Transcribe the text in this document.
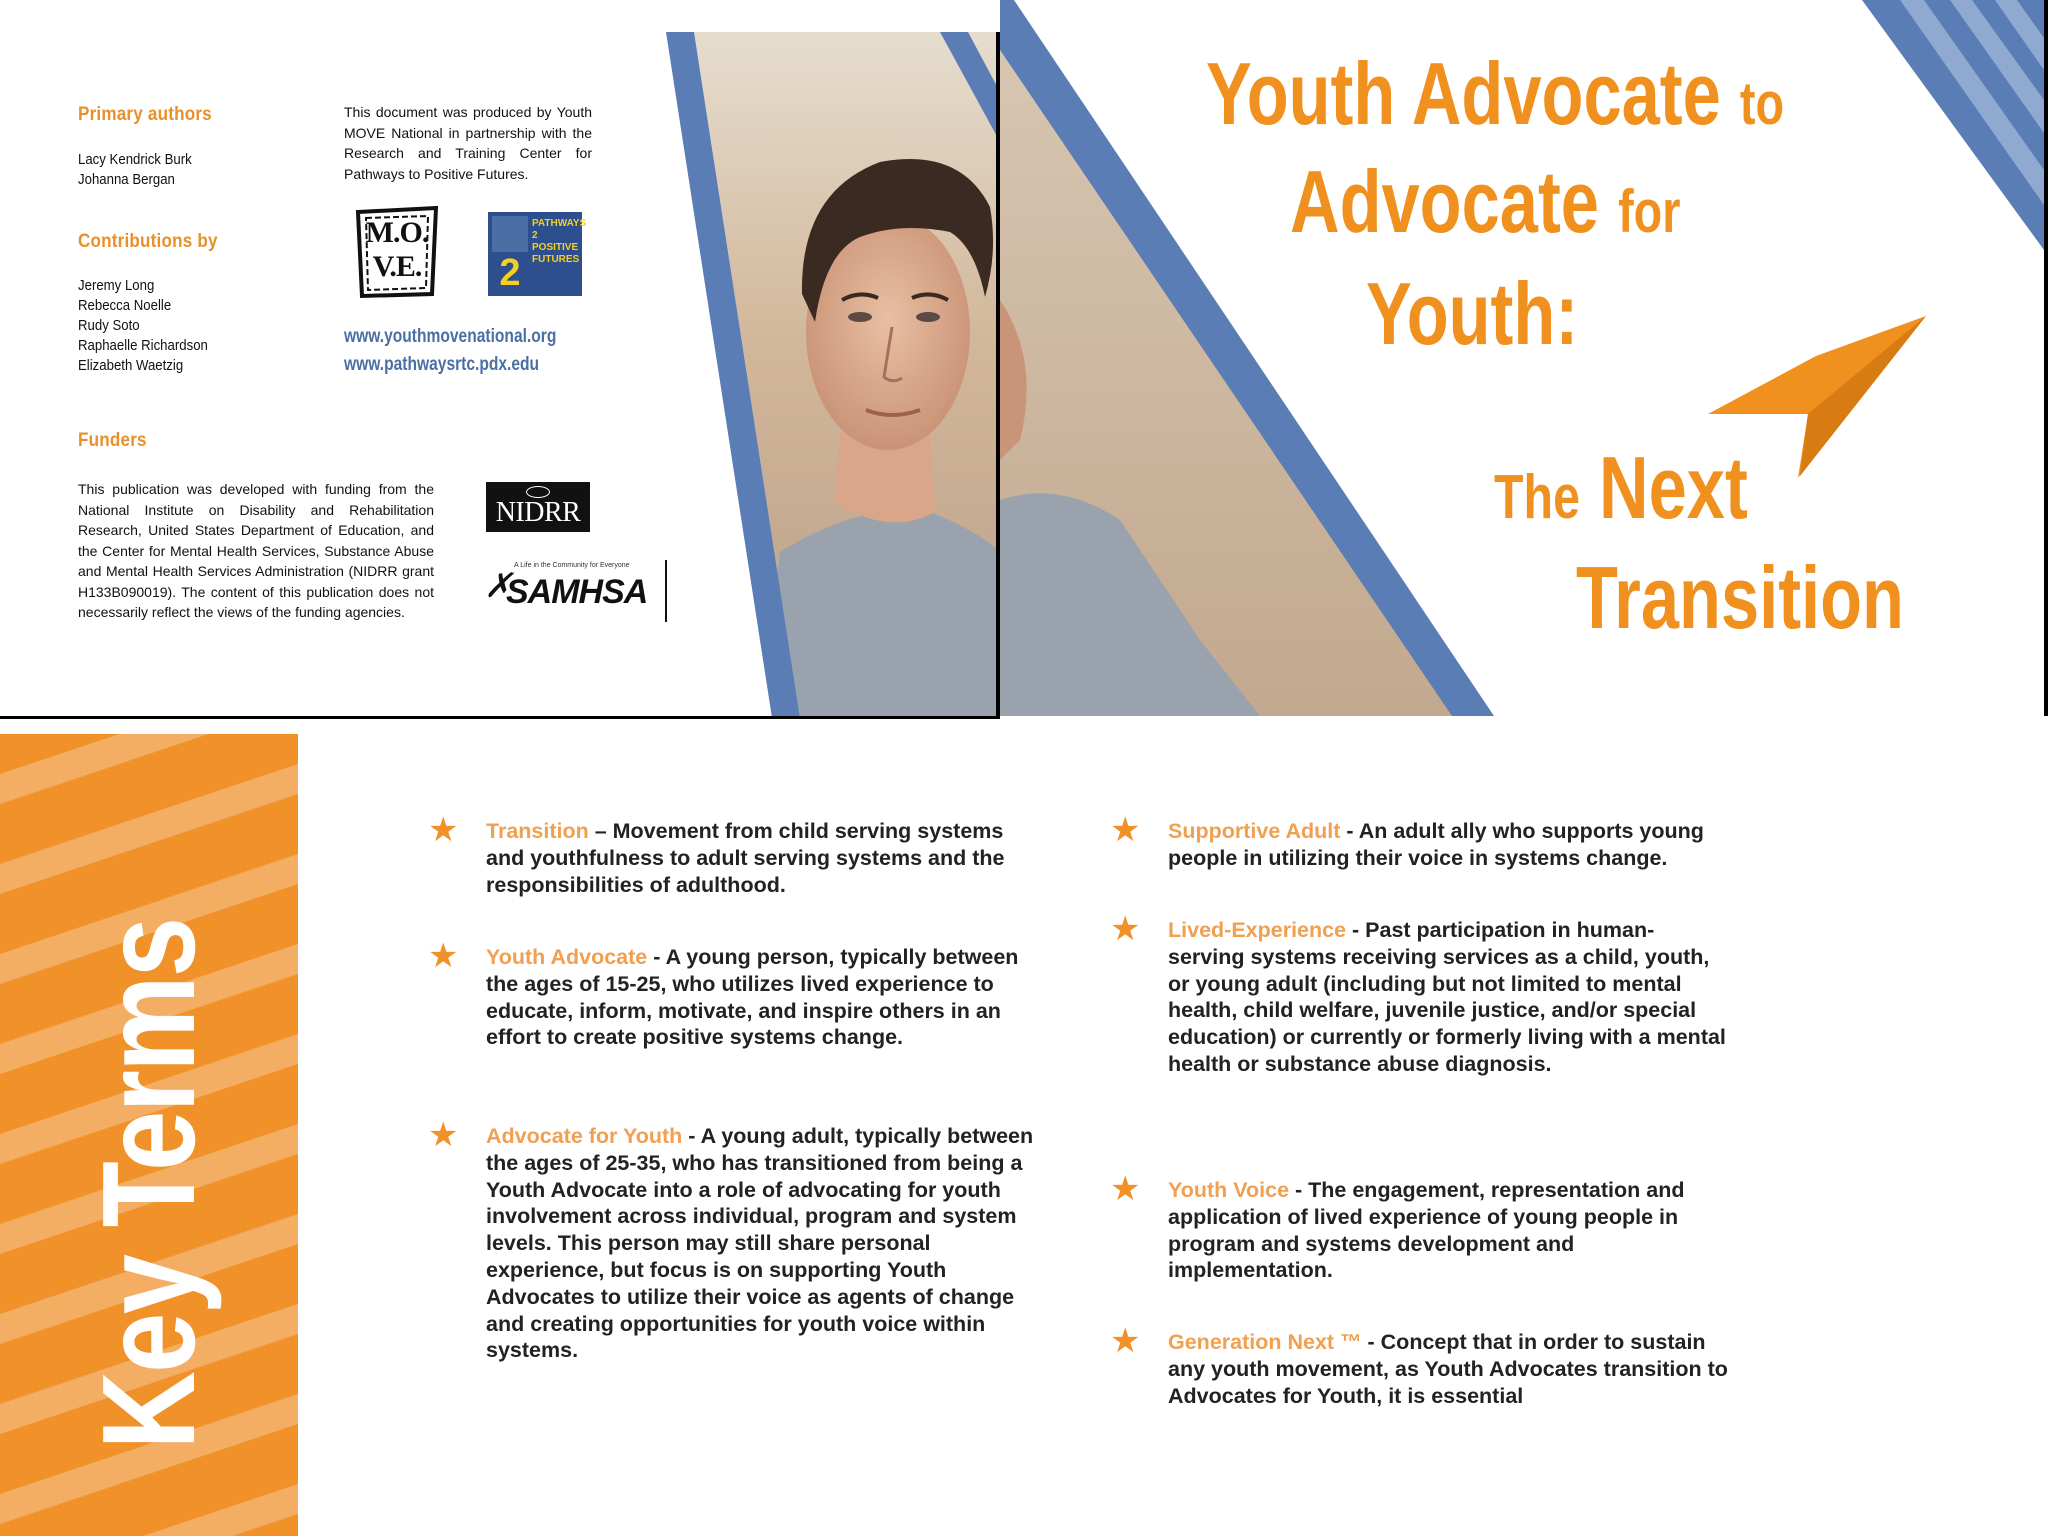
Primary authors
Lacy Kendrick Burk
Johanna Bergan
Contributions by
Jeremy Long
Rebecca Noelle
Rudy Soto
Raphaelle Richardson
Elizabeth Waetzig
Funders
This publication was developed with funding from the National Institute on Disability and Rehabilitation Research, United States Department of Education, and the Center for Mental Health Services, Substance Abuse and Mental Health Services Administration (NIDRR grant H133B090019). The content of this publication does not necessarily reflect the views of the funding agencies.
This document was produced by Youth MOVE National in partnership with the Research and Training Center for Pathways to Positive Futures.
M.O.V.E. 2
PATHWAYS 2 POSITIVE FUTURES
www.youthmovenational.org
www.pathwaysrtc.pdx.edu
NIDRR
A Life in the Community for Everyone
✗
SAMHSA
Youth Advocate to
Advocate for
Youth:
The Next
Transition
Key Terms
★ Transition – Movement from child serving systems and youthfulness to adult serving systems and the responsibilities of adulthood.

★ Youth Advocate - A young person, typically between the ages of 15-25, who utilizes lived experience to educate, inform, motivate, and inspire others in an effort to create positive systems change.

★ Advocate for Youth - A young adult, typically between the ages of 25-35, who has transitioned from being a Youth Advocate into a role of advocating for youth involvement across individual, program and system levels. This person may still share personal experience, but focus is on supporting Youth Advocates to utilize their voice as agents of change and creating opportunities for youth voice within systems.

★ Supportive Adult - An adult ally who supports young people in utilizing their voice in systems change.

★ Lived-Experience - Past participation in human-serving systems receiving services as a child, youth, or young adult (including but not limited to mental health, child welfare, juvenile justice, and/or special education) or currently or formerly living with a mental health or substance abuse diagnosis.

★ Youth Voice - The engagement, representation and application of lived experience of young people in program and systems development and implementation.

★ Generation Next ™ - Concept that in order to sustain any youth movement, as Youth Advocates transition to Advocates for Youth, it is essential
